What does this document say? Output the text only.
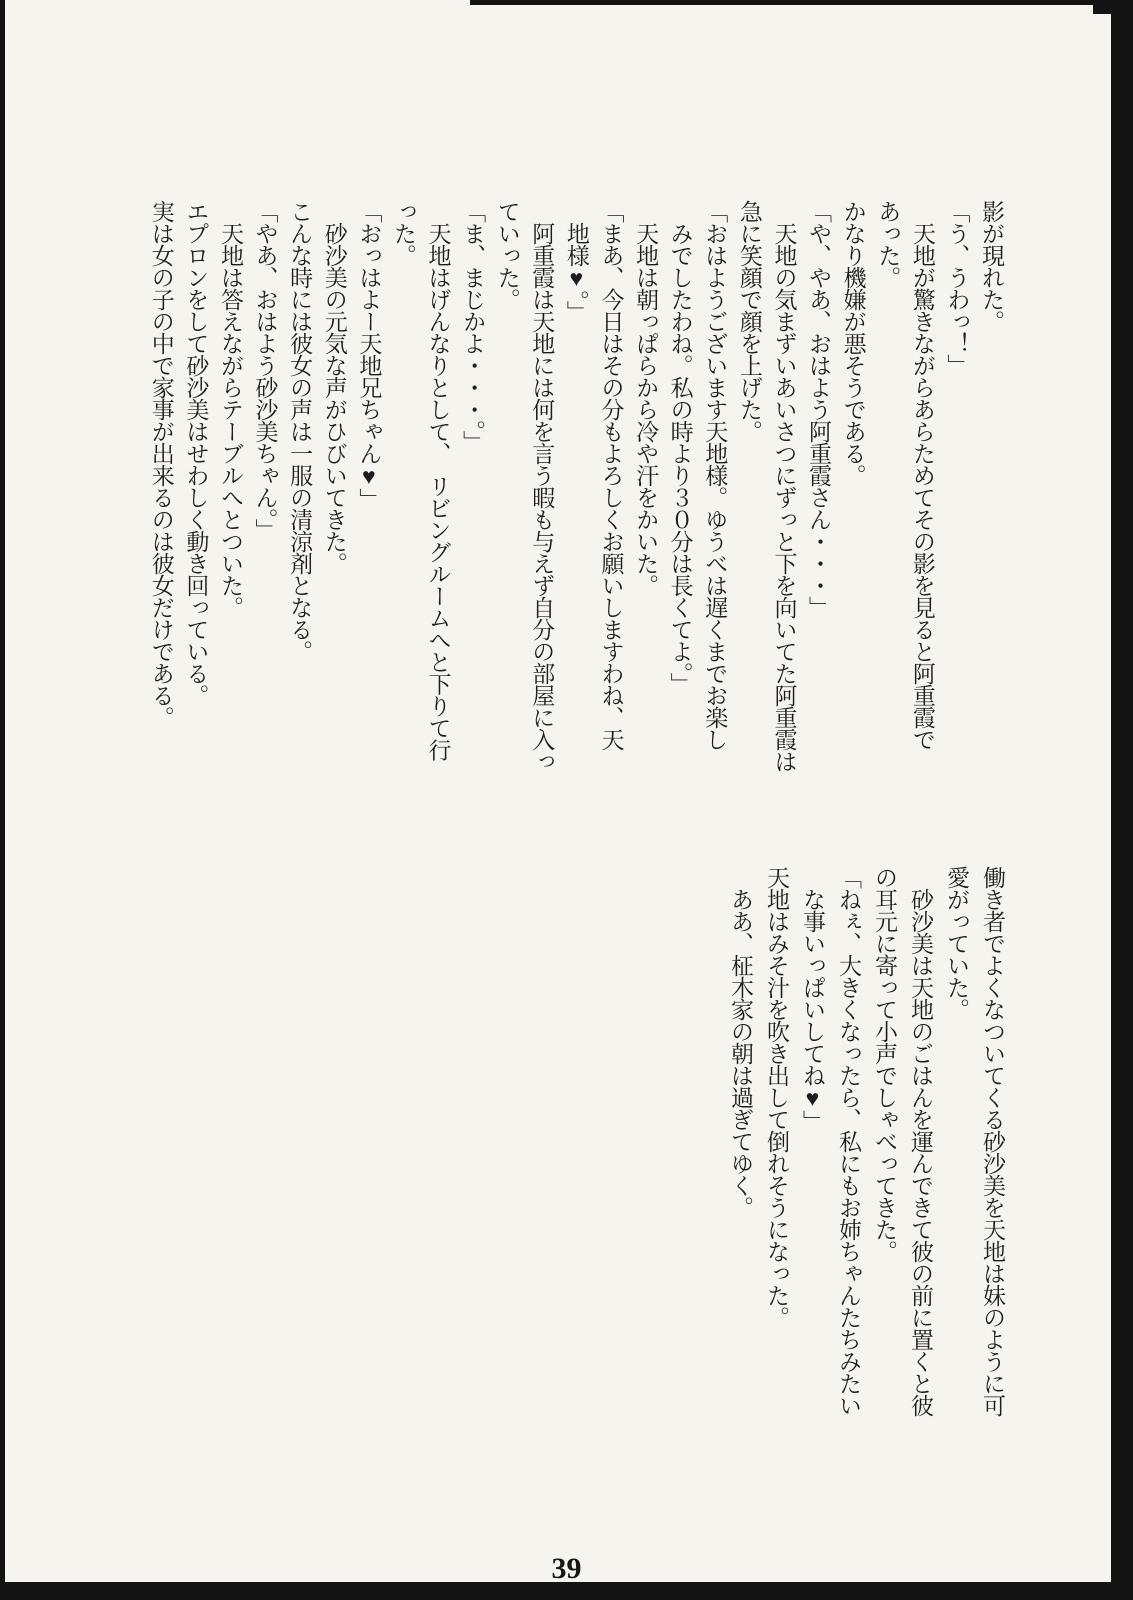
影が現れた。
「う、うわっ！」
天地が驚きながらあらためてその影を見ると阿重霞で
あった。
かなり機嫌が悪そうである。
「や、やあ、おはよう阿重霞さん・・・」
天地の気まずいあいさつにずっと下を向いてた阿重霞は
急に笑顔で顔を上げた。
「おはようございます天地様。ゆうべは遅くまでお楽し
みでしたわね。私の時より３０分は長くてよ。」
天地は朝っぱらから冷や汗をかいた。
「まあ、今日はその分もよろしくお願いしますわね、天
地様♥。」
阿重霞は天地には何を言う暇も与えず自分の部屋に入っ
ていった。
「ま、まじかよ・・・。」
天地はげんなりとして、　リビングルームへと下りて行
った。
「おっはよー天地兄ちゃん♥」
砂沙美の元気な声がひびいてきた。
こんな時には彼女の声は一服の清涼剤となる。
「やあ、おはよう砂沙美ちゃん。」
天地は答えながらテーブルへとついた。
エプロンをして砂沙美はせわしく動き回っている。
実は女の子の中で家事が出来るのは彼女だけである。
働き者でよくなついてくる砂沙美を天地は妹のように可
愛がっていた。
砂沙美は天地のごはんを運んできて彼の前に置くと彼
の耳元に寄って小声でしゃべってきた。
「ねぇ、大きくなったら、私にもお姉ちゃんたちみたい
な事いっぱいしてね♥」
天地はみそ汁を吹き出して倒れそうになった。
ああ、柾木家の朝は過ぎてゆく。
39
